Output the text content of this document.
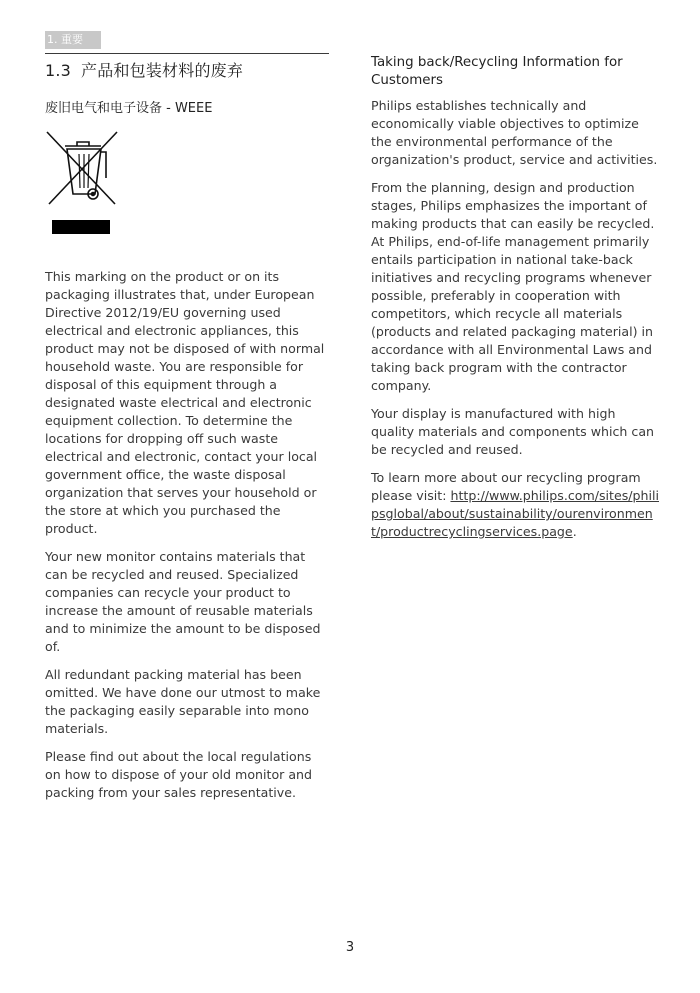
1. 重要
1.3 产品和包装材料的废弃
废旧电气和电子设备 - WEEE

This marking on the product or on its packaging illustrates that, under European Directive 2012/19/EU governing used electrical and electronic appliances, this product may not be disposed of with normal household waste. You are responsible for disposal of this equipment through a designated waste electrical and electronic equipment collection. To determine the locations for dropping off such waste electrical and electronic, contact your local government office, the waste disposal organization that serves your household or the store at which you purchased the product.

Your new monitor contains materials that can be recycled and reused. Specialized companies can recycle your product to increase the amount of reusable materials and to minimize the amount to be disposed of.

All redundant packing material has been omitted. We have done our utmost to make the packaging easily separable into mono materials.

Please find out about the local regulations on how to dispose of your old monitor and packing from your sales representative.

Taking back/Recycling Information for Customers

Philips establishes technically and economically viable objectives to optimize the environmental performance of the organization's product, service and activities.

From the planning, design and production stages, Philips emphasizes the important of making products that can easily be recycled. At Philips, end-of-life management primarily entails participation in national take-back initiatives and recycling programs whenever possible, preferably in cooperation with competitors, which recycle all materials (products and related packaging material) in accordance with all Environmental Laws and taking back program with the contractor company.

Your display is manufactured with high quality materials and components which can be recycled and reused.

To learn more about our recycling program please visit: http://www.philips.com/sites/philipsglobal/about/sustainability/ourenvironment/productrecyclingservices.page.

3
